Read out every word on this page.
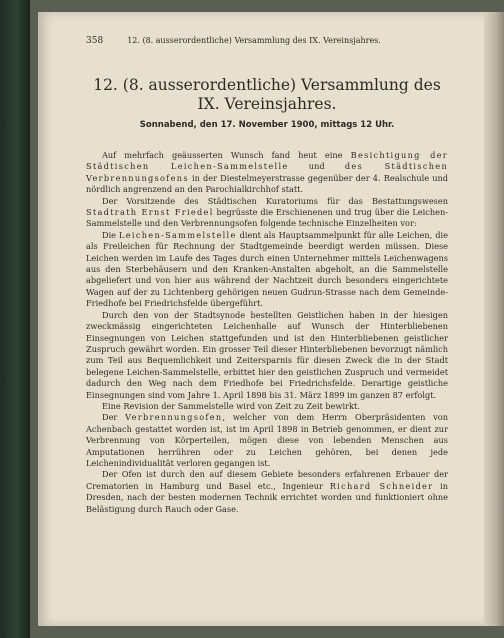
358	12. (8. ausserordentliche) Versammlung des IX. Vereinsjahres.
12. (8. ausserordentliche) Versammlung des
IX. Vereinsjahres.
Sonnabend, den 17. November 1900, mittags 12 Uhr.

Auf mehrfach geäusserten Wunsch fand heut eine Besichtigung der Städtischen Leichen-Sammelstelle und des Städtischen Verbrennungsofens in der Diestelmeyerstrasse gegenüber der 4. Realschule und nördlich angrenzend an den Parochialkirchhof statt.

Der Vorsitzende des Städtischen Kuratoriums für das Bestattungswesen Stadtrath Ernst Friedel begrüsste die Erschienenen und trug über die Leichen-Sammelstelle und den Verbrennungsofen folgende technische Einzelheiten vor:

Die Leichen-Sammelstelle dient als Hauptsammelpunkt für alle Leichen, die als Freileichen für Rechnung der Stadtgemeinde beerdigt werden müssen. Diese Leichen werden im Laufe des Tages durch einen Unternehmer mittels Leichenwagens aus den Sterbehäusern und den Kranken-Anstalten abgeholt, an die Sammelstelle abgeliefert und von hier aus während der Nachtzeit durch besonders eingerichtete Wagen auf der zu Lichtenberg gehörigen neuen Gudrun-Strasse nach dem Gemeinde-Friedhofe bei Friedrichsfelde übergeführt.

Durch den von der Stadtsynode bestellten Geistlichen haben in der hiesigen zweckmässig eingerichteten Leichenhalle auf Wunsch der Hinterbliebenen Einsegnungen von Leichen stattgefunden und ist den Hinterbliebenen geistlicher Zuspruch gewährt worden. Ein grosser Teil dieser Hinterbliebenen bevorzugt nämlich zum Teil aus Bequemlichkeit und Zeitersparnis für diesen Zweck die in der Stadt belegene Leichen-Sammelstelle, erbittet hier den geistlichen Zuspruch und vermeidet dadurch den Weg nach dem Friedhofe bei Friedrichsfelde. Derartige geistliche Einsegnungen sind vom Jahre 1. April 1898 bis 31. März 1899 im ganzen 87 erfolgt.

Eine Revision der Sammelstelle wird von Zeit zu Zeit bewirkt.

Der Verbrennungsofen, welcher von dem Herrn Oberpräsidenten von Achenbach gestattet worden ist, ist im April 1898 in Betrieb genommen, er dient zur Verbrennung von Körperteilen, mögen diese von lebenden Menschen aus Amputationen herrühren oder zu Leichen gehören, bei denen jede Leichenindividualität verloren gegangen ist.

Der Ofen ist durch den auf diesem Gebiete besonders erfahrenen Erbauer der Crematorien in Hamburg und Basel etc., Ingenieur Richard Schneider in Dresden, nach der besten modernen Technik errichtet worden und funktioniert ohne Belästigung durch Rauch oder Gase.
